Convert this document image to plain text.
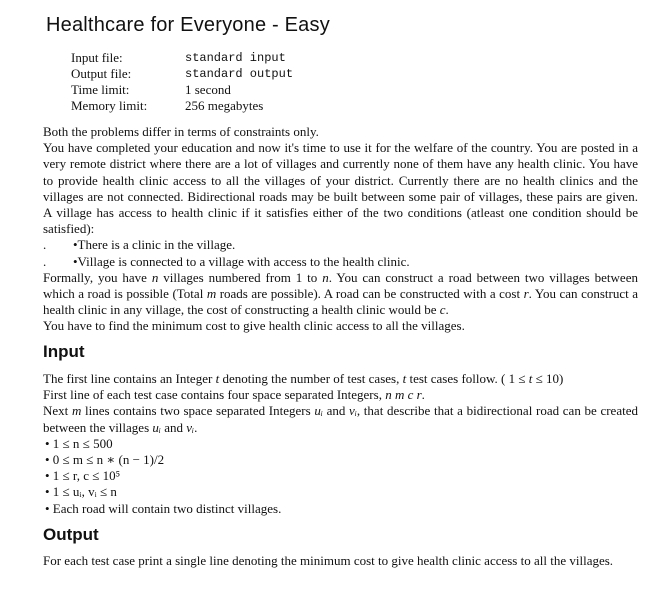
Healthcare for Everyone - Easy
Input file:	standard input
Output file:	standard output
Time limit:	1 second
Memory limit:	256 megabytes
Both the problems differ in terms of constraints only.
You have completed your education and now it's time to use it for the welfare of the country. You are posted in a very remote district where there are a lot of villages and currently none of them have any health clinic. You have to provide health clinic access to all the villages of your district. Currently there are no health clinics and the villages are not connected. Bidirectional roads may be built between some pair of villages, these pairs are given. A village has access to health clinic if it satisfies either of the two conditions (atleast one condition should be satisfied):
. •There is a clinic in the village.
. •Village is connected to a village with access to the health clinic.
Formally, you have n villages numbered from 1 to n. You can construct a road between two villages between which a road is possible (Total m roads are possible). A road can be constructed with a cost r. You can construct a health clinic in any village, the cost of constructing a health clinic would be c.
You have to find the minimum cost to give health clinic access to all the villages.
Input
The first line contains an Integer t denoting the number of test cases, t test cases follow. ( 1 ≤ t ≤ 10)
First line of each test case contains four space separated Integers, n m c r.
Next m lines contains two space separated Integers uᵢ and vᵢ, that describe that a bidirectional road can be created between the villages uᵢ and vᵢ.
• 1 ≤ n ≤ 500
• 0 ≤ m ≤ n ∗ (n − 1)/2
• 1 ≤ r, c ≤ 10⁵
• 1 ≤ uᵢ, vᵢ ≤ n
• Each road will contain two distinct villages.
Output
For each test case print a single line denoting the minimum cost to give health clinic access to all the villages.
